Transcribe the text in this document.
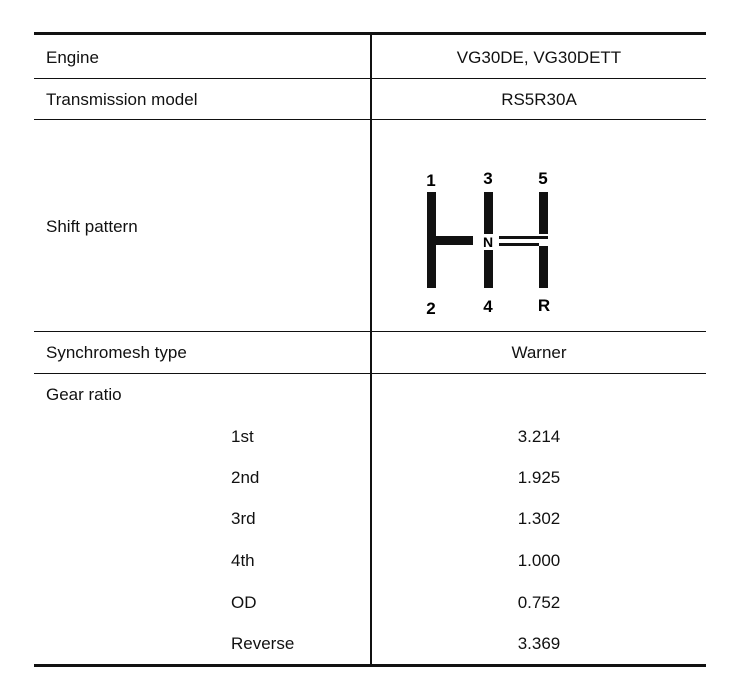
Engine	VG30DE, VG30DETT
Transmission model	RS5R30A
Shift pattern
1	3	5
N
2	4	R
Synchromesh type	Warner
Gear ratio
1st	3.214
2nd	1.925
3rd	1.302
4th	1.000
OD	0.752
Reverse	3.369
